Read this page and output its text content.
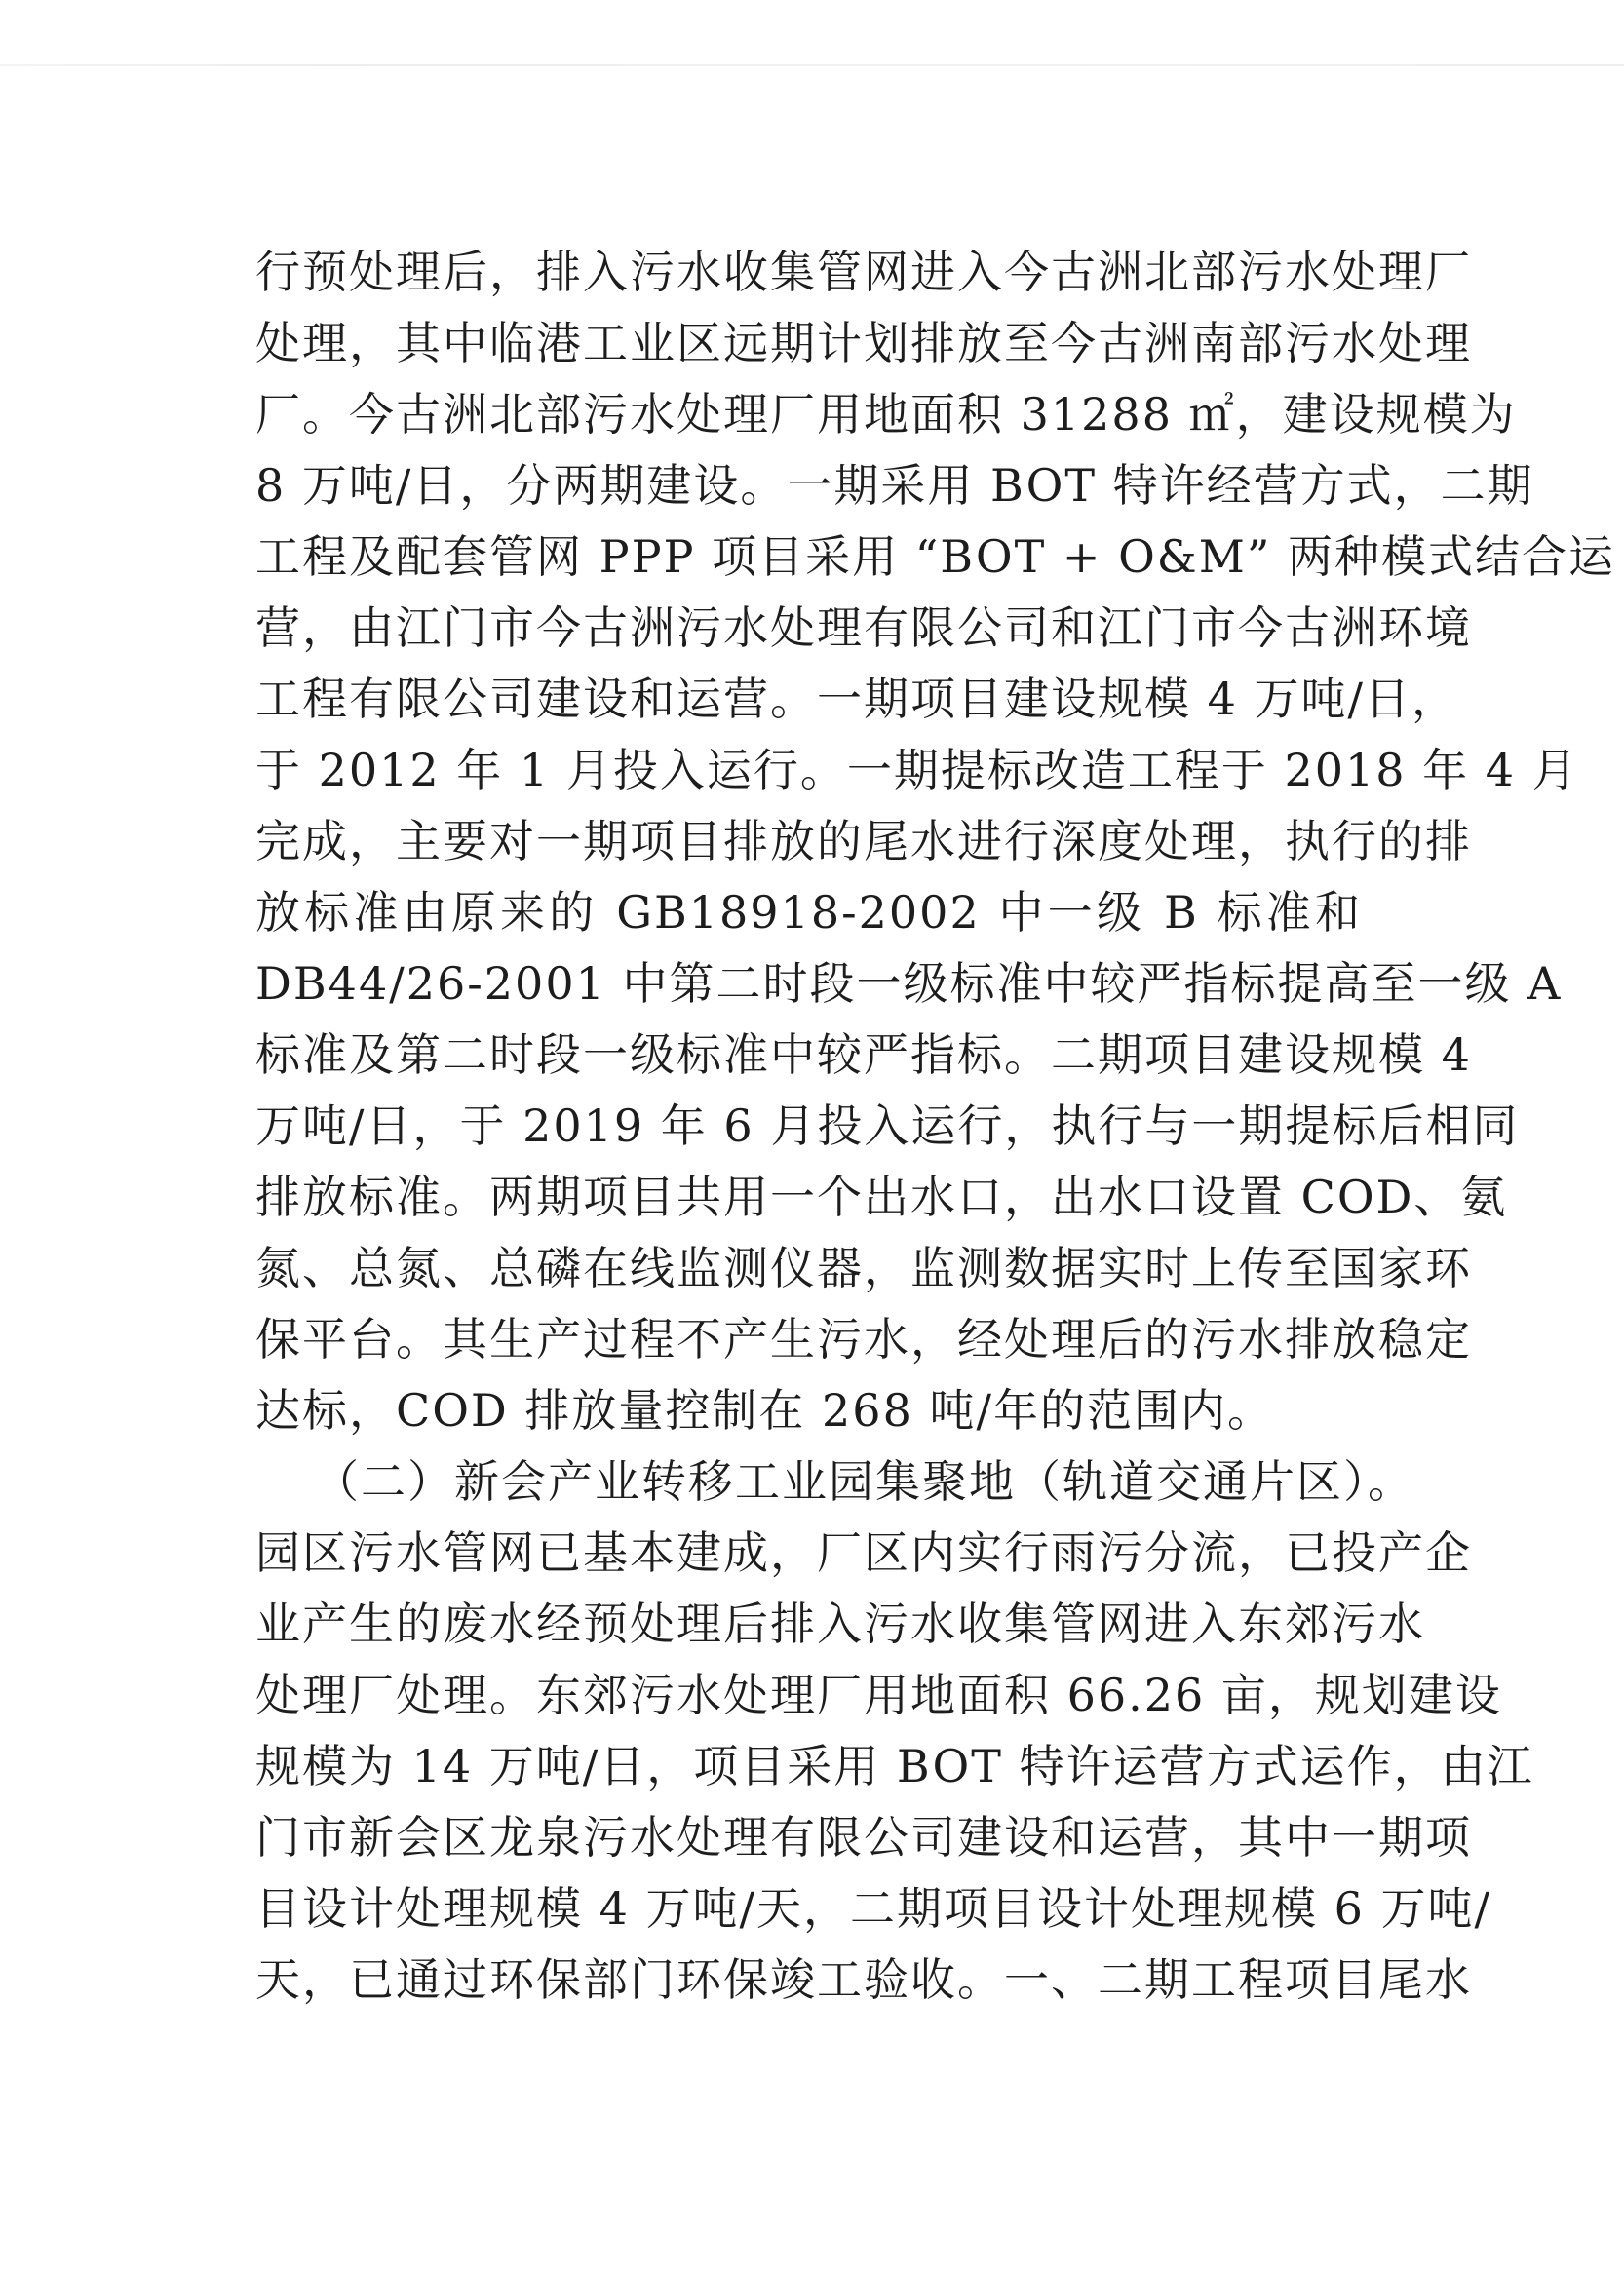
行预处理后，排入污水收集管网进入今古洲北部污水处理厂
处理，其中临港工业区远期计划排放至今古洲南部污水处理
厂。今古洲北部污水处理厂用地面积 31288 ㎡，建设规模为
8 万吨/日，分两期建设。一期采用 BOT 特许经营方式，二期
工程及配套管网 PPP 项目采用 “BOT + O&M” 两种模式结合运
营，由江门市今古洲污水处理有限公司和江门市今古洲环境
工程有限公司建设和运营。一期项目建设规模 4 万吨/日，
于 2012 年 1 月投入运行。一期提标改造工程于 2018 年 4 月
完成，主要对一期项目排放的尾水进行深度处理，执行的排
放标准由原来的 GB18918-2002 中一级 B 标准和
DB44/26-2001 中第二时段一级标准中较严指标提高至一级 A
标准及第二时段一级标准中较严指标。二期项目建设规模 4
万吨/日，于 2019 年 6 月投入运行，执行与一期提标后相同
排放标准。两期项目共用一个出水口，出水口设置 COD、氨
氮、总氮、总磷在线监测仪器，监测数据实时上传至国家环
保平台。其生产过程不产生污水，经处理后的污水排放稳定
达标，COD 排放量控制在 268 吨/年的范围内。
（二）新会产业转移工业园集聚地（轨道交通片区）。
园区污水管网已基本建成，厂区内实行雨污分流，已投产企
业产生的废水经预处理后排入污水收集管网进入东郊污水
处理厂处理。东郊污水处理厂用地面积 66.26 亩，规划建设
规模为 14 万吨/日，项目采用 BOT 特许运营方式运作，由江
门市新会区龙泉污水处理有限公司建设和运营，其中一期项
目设计处理规模 4 万吨/天，二期项目设计处理规模 6 万吨/
天，已通过环保部门环保竣工验收。一、二期工程项目尾水
